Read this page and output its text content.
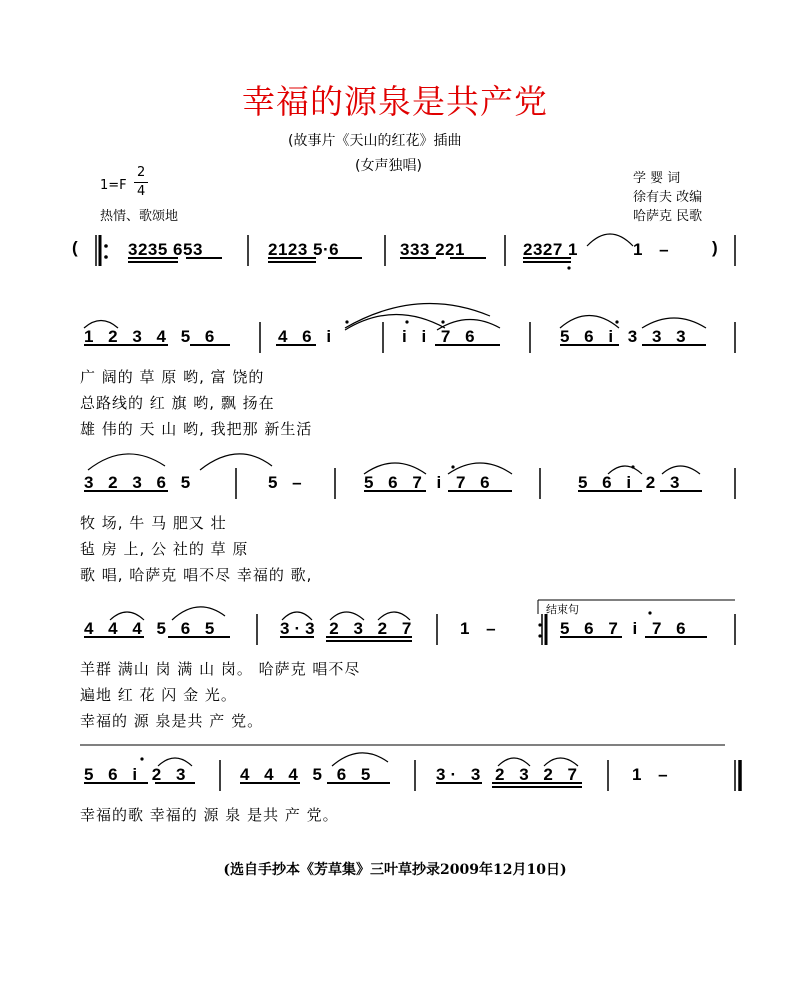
幸福的源泉是共产党
(故事片《天山的红花》插曲
(女声独唱)
1=F
2
4
热情、歌颂地
学 婴 词
徐有夫 改编
哈萨克 民歌
(	3235 653	2123 5·6	333 221	2327 1	1 – )
1 2 3 4 5 6	4 6 i	i i 7 6	5 6 i 3 3 3
广 阔的 草 原 哟, 富 饶的
总路线的 红 旗 哟, 飘 扬在
雄 伟的 天 山 哟, 我把那 新生活
3 2 3 6 5	5 –	5 6 7 i 7 6	5 6 i 2 3
牧 场, 牛 马 肥又 壮
毡 房 上, 公 社的 草 原
歌 唱, 哈萨克 唱不尽 幸福的 歌,
结束句
4 4 4 5 6 5	3·3 2 3 2 7	1 –	5 6 7 i 7 6
羊群 满山 岗 满 山 岗。 哈萨克 唱不尽
遍地 红 花 闪 金 光。
幸福的 源 泉是共 产 党。
5 6 i 2 3	4 4 4 5 6 5	3· 3 2 3 2 7	1 –
幸福的歌 幸福的 源 泉 是共 产 党。
(选自手抄本《芳草集》三叶草抄录2009年12月10日)
